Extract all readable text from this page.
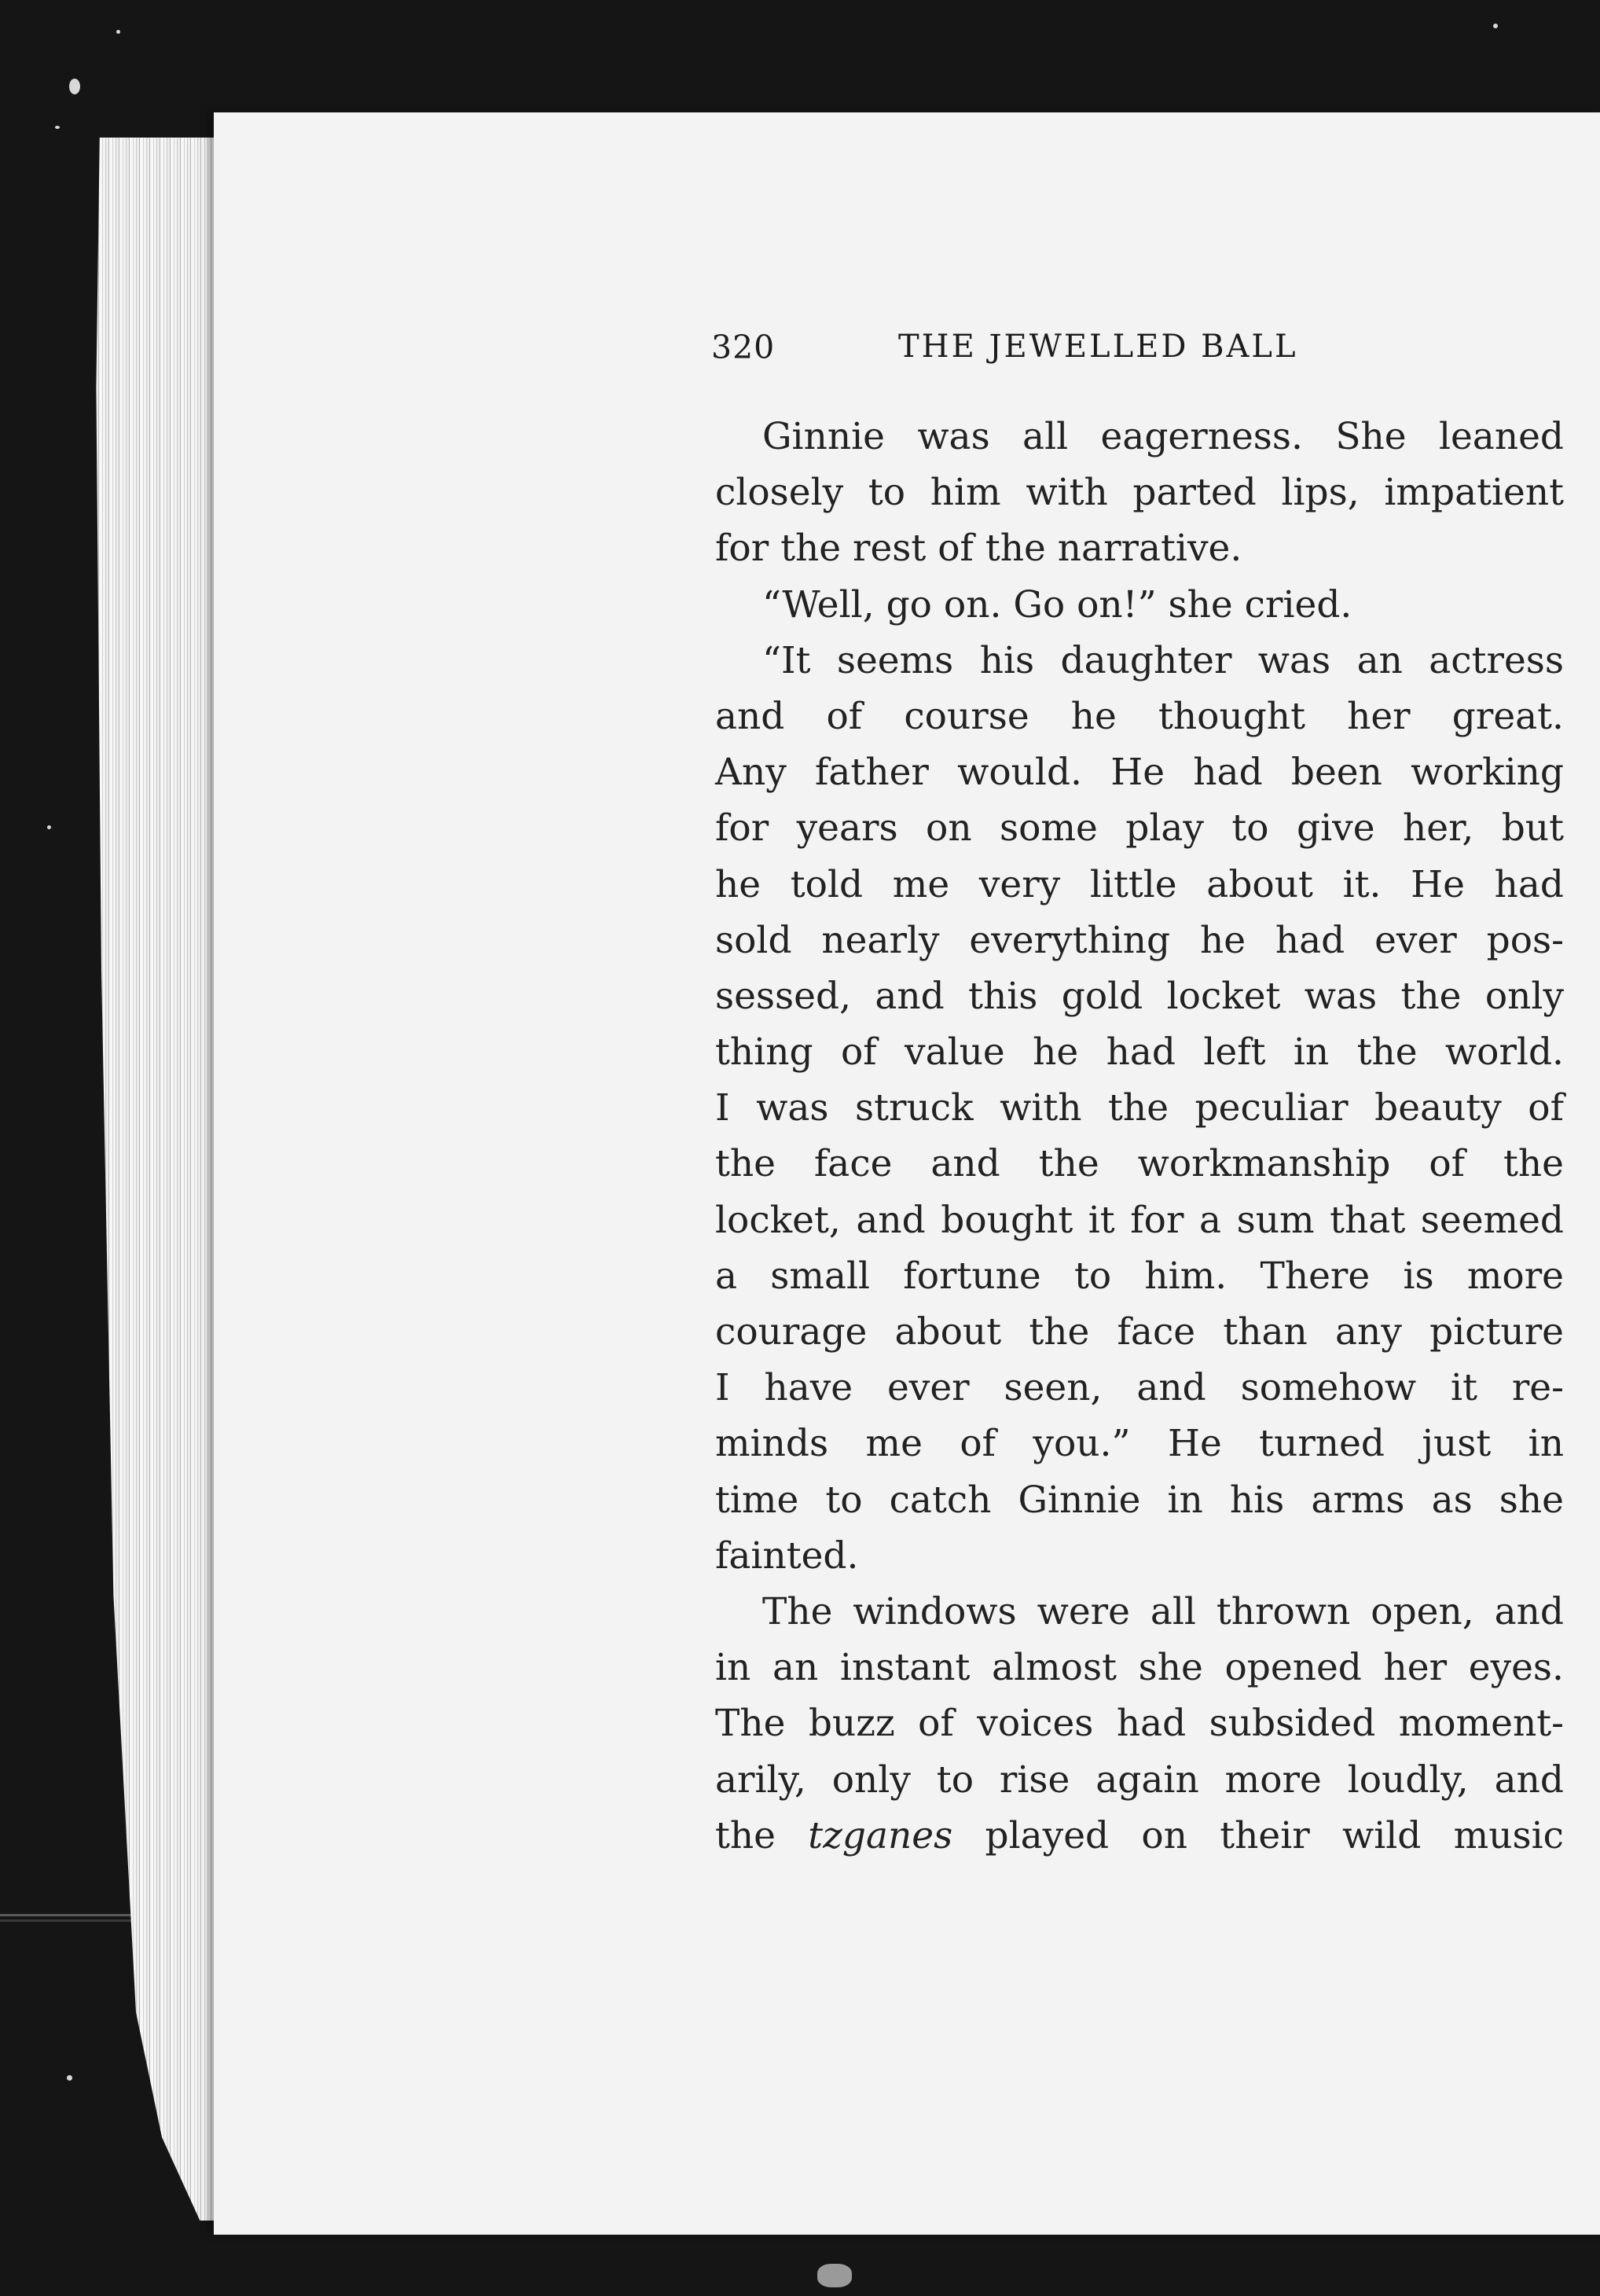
320	THE JEWELLED BALL
Ginnie was all eagerness. She leaned
closely to him with parted lips, impatient
for the rest of the narrative.
“Well, go on. Go on!” she cried.
“It seems his daughter was an actress
and of course he thought her great.
Any father would. He had been working
for years on some play to give her, but
he told me very little about it. He had
sold nearly everything he had ever pos-
sessed, and this gold locket was the only
thing of value he had left in the world.
I was struck with the peculiar beauty of
the face and the workmanship of the
locket, and bought it for a sum that seemed
a small fortune to him. There is more
courage about the face than any picture
I have ever seen, and somehow it re-
minds me of you.” He turned just in
time to catch Ginnie in his arms as she
fainted.
The windows were all thrown open, and
in an instant almost she opened her eyes.
The buzz of voices had subsided moment-
arily, only to rise again more loudly, and
the tzganes played on their wild music
